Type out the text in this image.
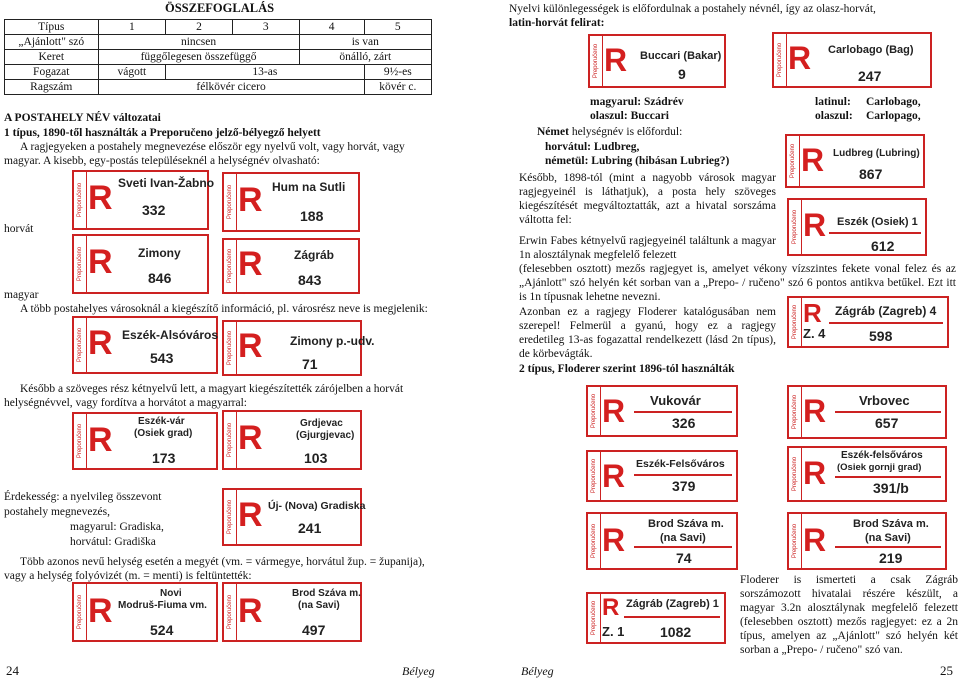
ÖSSZEFOGLALÁS
Típus	1	2	3	4	5
„Ajánlott" szó	nincsen			is van	
Keret	függőlegesen összefüggő			önálló, zárt	
Fogazat	vágott	13-as			9½-es
Ragszám	félkövér cicero				kövér c.
A POSTAHELY NÉV változatai
1 típus, 1890-től használták a Preporučeno jelző-bélyegző helyett
A ragjegyeken a postahely megnevezése először egy nyelvű volt, vagy horvát, vagy
magyar. A kisebb, egy-postás településeknél a helységnév olvasható:
horvát
magyar
A több postahelyes városoknál a kiegészítő információ, pl. városrész neve is megjelenik:
Később a szöveges rész kétnyelvű lett, a magyart kiegészítették zárójelben a horvát
helységnévvel, vagy fordítva a horvátot a magyarral:
Érdekesség: a nyelvileg összevont
postahely megnevezés,
magyarul: Gradiska,
horvátul: Gradiška
Több azonos nevű helység esetén a megyét (vm. = vármegye, horvátul žup. = županija),
vagy a helység folyóvizét (m. = menti) is feltüntették:
24	Bélyeg
Preporučeno R Sveti Ivan-Žabno
332	Preporučeno R Hum na Sutli
188
Preporučeno R Zimony
846	Preporučeno R	Zágráb
843
Preporučeno R Eszék-Alsóváros
543	Preporučeno R Zimony p.-udv.
71
Preporučeno R	Eszék-vár
(Osiek grad)
173
Preporučeno R	Grdjevac
(Gjurgjevac)
103
Preporučeno R Új- (Nova) Gradiska
241
Preporučeno R	Novi
Modruš-Fiuma vm.
524
Preporučeno R	Brod Száva m.
(na Savi)
497
Nyelvi különlegességek is előfordulnak a postahely névnél, így az olasz-horvát,
latin-horvát felirat:
magyarul: Szádrév
olaszul: Buccari
latinul: Carlobago,
olaszul: Carlopago,
Német helységnév is előfordul:
horvátul: Ludbreg,
németül: Lubring (hibásan Lubrieg?)
Később, 1898-tól (mint a nagyobb városok magyar ragjegyeinél is láthatjuk), a posta hely szöveges kiegészítését megváltoztatták, azt a hivatal sorszáma váltotta fel:
Erwin Fabes kétnyelvű ragjegyeinél találtunk a magyar 1n alosztálynak megfelelő felezett
(felesebben osztott) mezős ragjegyet is, amelyet vékony vízszintes fekete vonal felez és az „Ajánlott" szó helyén két sorban van a „Prepo- / ručeno" szó 6 pontos antikva betűkel. Ezt itt is 1n típusnak lehetne neveznі.
Azonban ez a ragjegy Floderer katalógusában nem szerepel! Felmerül a gyanú, hogy ez a ragjegy eredetileg 13-as fogazattal rendelkezett (lásd 2n típus), de körbevágták.
2 típus, Floderer szerint 1896-tól használták
Floderer is ismerteti a csak Zágráb sorszámozott hivatalai részére készült, a magyar 3.2n alosztálynak megfelelő felezett (felesebben osztott) mezős ragjegyet: ez a 2n típus, amelyen az „Ajánlott" szó helyén két sorban a „Prepo- / ručeno" szó van.
Bélyeg	25
Preporučeno R Buccari (Bakar)
9	Preporučeno R Carlobago (Bag)
247
Preporučeno R Ludbreg (Lubring)
867
Preporučeno R Eszék (Osiek) 1
612
Preporučeno R Zágráb (Zagreb) 4
Z. 4	598
Preporučeno R Vukovár
326	Preporučeno R	Vrbovec
657
Preporučeno R Eszék-Felsőváros
379	Preporučeno R Eszék-felsőváros
(Osiek gornji grad)
391/b
Preporučeno R Brod Száva m.
(na Savi)
74	Preporučeno R Brod Száva m.
(na Savi)
219
Preporučeno R Zágráb (Zagreb) 1
Z. 1	1082
